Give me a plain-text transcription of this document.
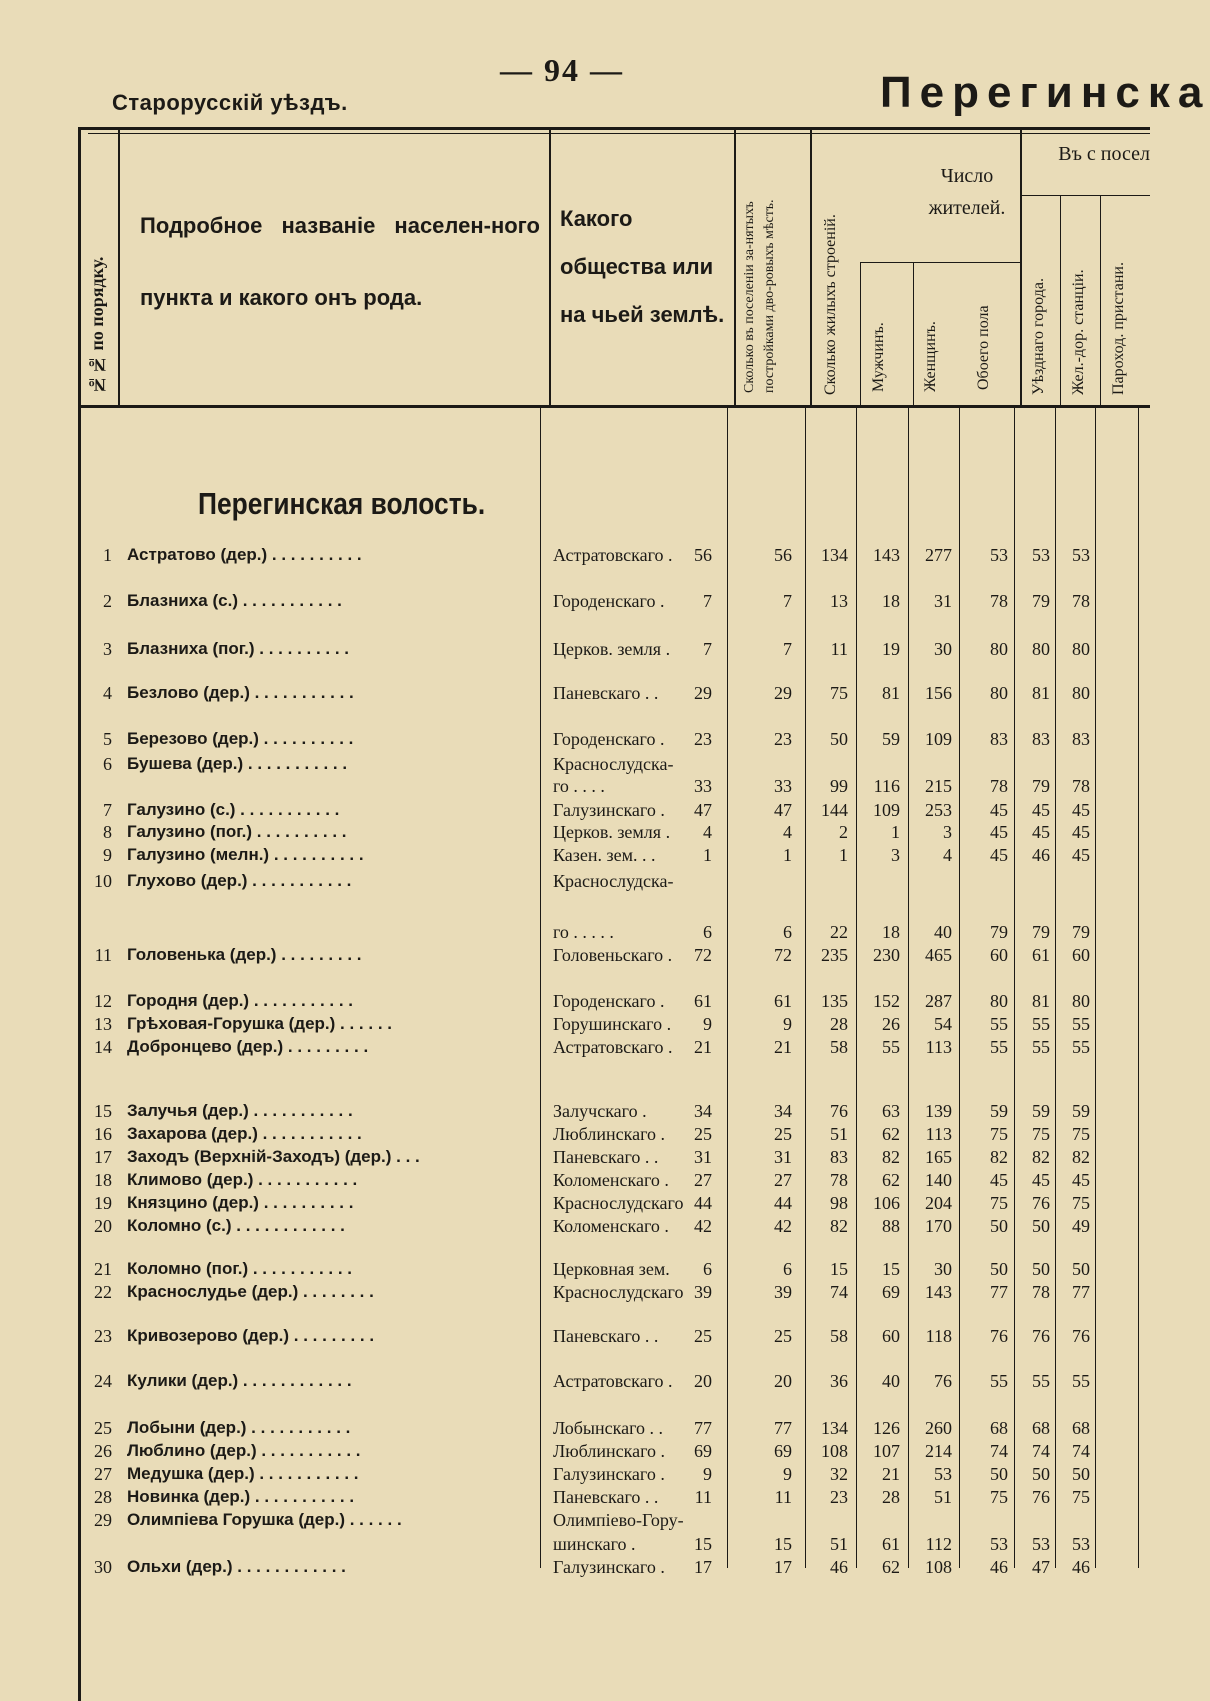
Старорусскій уѣздъ.
— 94 —	Перегинска
№№ по порядку.
Подробное названіе населен-ного пункта и какого онъ рода.
Какого общества или на чьей землѣ.	Сколько въ поселеніи за-нятыхъ постройками дво-ровыхъ мѣстъ.	Сколько жилыхъ строеній.
Число жителей.
Мужчинъ. Женщинъ. Обоего пола
Въ с посел
Уѣзднаго города. Жел.-дор. станціи. Пароход. пристани.
Перегинская волость.
1 Астратово (дер.) . . . . . . . . . .	Астратовскаго .	56	56	134	143	277	53	53	53
2 Блазниха (с.) . . . . . . . . . . .	Городенскаго .	7	7	13	18	31	78	79	78
3 Блазниха (пог.) . . . . . . . . . .	Церков. земля .	7	7	11	19	30	80	80	80
4 Безлово (дер.) . . . . . . . . . . .	Паневскаго . .	29	29	75	81	156	80	81	80
5 Березово (дер.) . . . . . . . . . .	Городенскаго .	23	23	50	59	109	83	83	83
6 Бушева (дер.) . . . . . . . . . . .	Краснослудска-
го . . . .	33	33	99	116	215	78	79	78
7 Галузино (с.) . . . . . . . . . . .	Галузинскаго .	47	47	144	109	253	45	45	45
8 Галузино (пог.) . . . . . . . . . .	Церков. земля .	4	4	2	1	3	45	45	45
9 Галузино (мелн.) . . . . . . . . . .	Казен. зем. . .	1	1	1	3	4	45	46	45
10 Глухово (дер.) . . . . . . . . . . .	Краснослудска-
го . . . . .	6	6	22	18	40	79	79	79
11 Головенька (дер.) . . . . . . . . .	Головеньскаго .	72	72	235	230	465	60	61	60
12 Городня (дер.) . . . . . . . . . . .	Городенскаго .	61	61	135	152	287	80	81	80
13 Грѣховая-Горушка (дер.) . . . . . .	Горушинскаго .	9	9	28	26	54	55	55	55
14 Добронцево (дер.) . . . . . . . . .	Астратовскаго .	21	21	58	55	113	55	55	55
15 Залучья (дер.) . . . . . . . . . . .	Залучскаго .	34	34	76	63	139	59	59	59
16 Захарова (дер.) . . . . . . . . . . .	Люблинскаго .	25	25	51	62	113	75	75	75
17 Заходъ (Верхній-Заходъ) (дер.) . . .	Паневскаго . .	31	31	83	82	165	82	82	82
18 Климово (дер.) . . . . . . . . . . .	Коломенскаго .	27	27	78	62	140	45	45	45
19 Князцино (дер.) . . . . . . . . . .	Краснослудскаго 44	44	98	106	204	75	76	75
20 Коломно (с.) . . . . . . . . . . . .	Коломенскаго .	42	42	82	88	170	50	50	49
21 Коломно (пог.) . . . . . . . . . . .	Церковная зем.	6	6	15	15	30	50	50	50
22 Краснослудье (дер.) . . . . . . . .	Краснослудскаго 39	39	74	69	143	77	78	77
23 Кривозерово (дер.) . . . . . . . . .	Паневскаго . .	25	25	58	60	118	76	76	76
24 Кулики (дер.) . . . . . . . . . . . .	Астратовскаго .	20	20	36	40	76	55	55	55
25 Лобыни (дер.) . . . . . . . . . . .	Лобынскаго . .	77	77	134	126	260	68	68	68
26 Люблино (дер.) . . . . . . . . . . .	Люблинскаго .	69	69	108	107	214	74	74	74
27 Медушка (дер.) . . . . . . . . . . .	Галузинскаго .	9	9	32	21	53	50	50	50
28 Новинка (дер.) . . . . . . . . . . .	Паневскаго . .	11	11	23	28	51	75	76	75
29 Олимпіева Горушка (дер.) . . . . . .	Олимпіево-Гору-
шинскаго .	15	15	51	61	112	53	53	53
30 Ольхи (дер.) . . . . . . . . . . . .	Галузинскаго .	17	17	46	62	108	46	47	46
